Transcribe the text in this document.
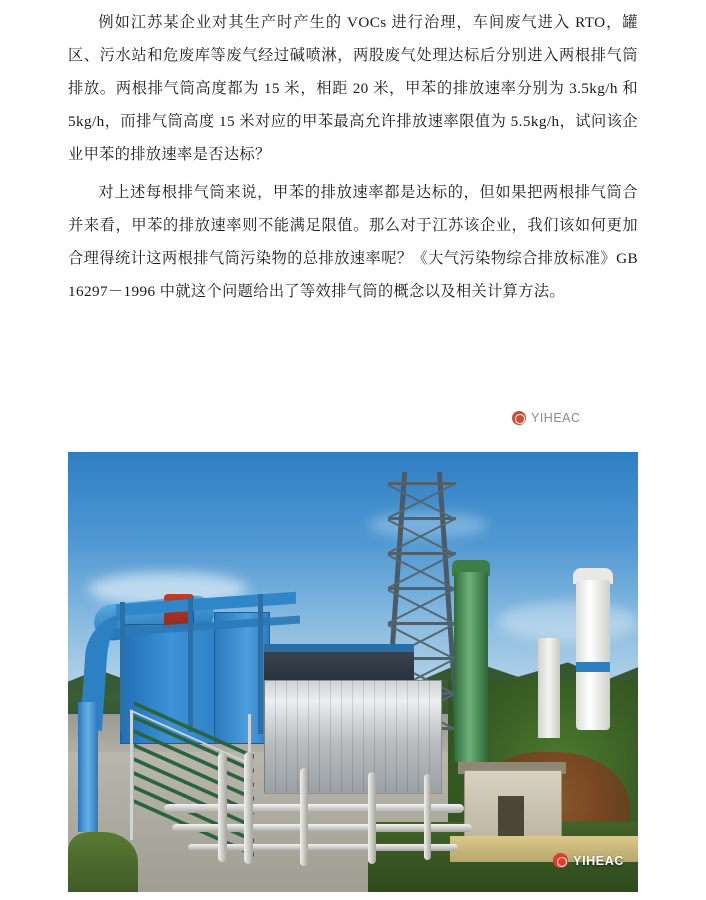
例如江苏某企业对其生产时产生的 VOCs 进行治理，车间废气进入 RTO，罐区、污水站和危废库等废气经过碱喷淋，两股废气处理达标后分别进入两根排气筒排放。两根排气筒高度都为 15 米，相距 20 米，甲苯的排放速率分别为 3.5kg/h 和 5kg/h，而排气筒高度 15 米对应的甲苯最高允许排放速率限值为 5.5kg/h，试问该企业甲苯的排放速率是否达标？

对上述每根排气筒来说，甲苯的排放速率都是达标的，但如果把两根排气筒合并来看，甲苯的排放速率则不能满足限值。那么对于江苏该企业，我们该如何更加合理得统计这两根排气筒污染物的总排放速率呢？《大气污染物综合排放标准》GB 16297－1996 中就这个问题给出了等效排气筒的概念以及相关计算方法。

YIHEAC
YIHEAC
